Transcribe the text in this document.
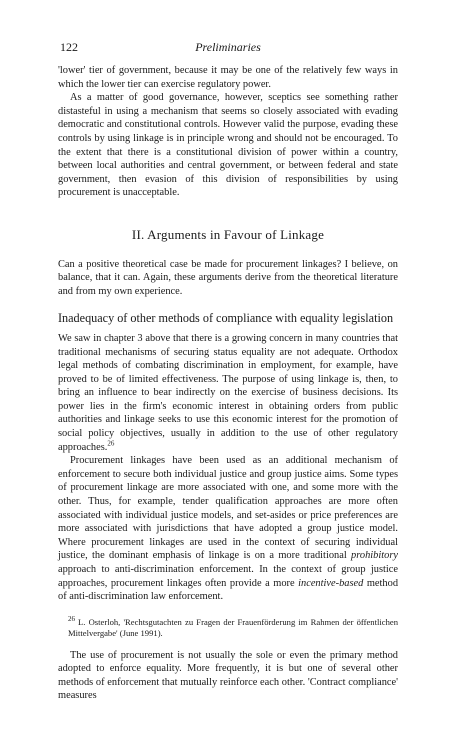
122	Preliminaries

'lower' tier of government, because it may be one of the relatively few ways in which the lower tier can exercise regulatory power.

As a matter of good governance, however, sceptics see something rather distasteful in using a mechanism that seems so closely associated with evading democratic and constitutional controls. However valid the purpose, evading these controls by using linkage is in principle wrong and should not be encouraged. To the extent that there is a constitutional division of power within a country, between local authorities and central government, or between federal and state government, then evasion of this division of responsibilities by using procurement is unacceptable.

II. Arguments in Favour of Linkage

Can a positive theoretical case be made for procurement linkages? I believe, on balance, that it can. Again, these arguments derive from the theoretical literature and from my own experience.

Inadequacy of other methods of compliance with equality legislation

We saw in chapter 3 above that there is a growing concern in many countries that traditional mechanisms of securing status equality are not adequate. Orthodox legal methods of combating discrimination in employment, for example, have proved to be of limited effectiveness. The purpose of using linkage is, then, to bring an influence to bear indirectly on the exercise of business decisions. Its power lies in the firm's economic interest in obtaining orders from public authorities and linkage seeks to use this economic interest for the promotion of social policy objectives, usually in addition to the use of other regulatory approaches.$^{26}$

Procurement linkages have been used as an additional mechanism of enforcement to secure both individual justice and group justice aims. Some types of procurement linkage are more associated with one, and some more with the other. Thus, for example, tender qualification approaches are more often associated with individual justice models, and set-asides or price preferences are more associated with jurisdictions that have adopted a group justice model. Where procurement linkages are used in the context of securing individual justice, the dominant emphasis of linkage is on a more traditional prohibitory approach to anti-discrimination enforcement. In the context of group justice approaches, procurement linkages often provide a more incentive-based method of anti-discrimination law enforcement.

$^{26}$ L. Osterloh, 'Rechtsgutachten zu Fragen der Frauenförderung im Rahmen der öffentlichen Mittelvergabe' (June 1991).

The use of procurement is not usually the sole or even the primary method adopted to enforce equality. More frequently, it is but one of several other methods of enforcement that mutually reinforce each other. 'Contract compliance' measures
